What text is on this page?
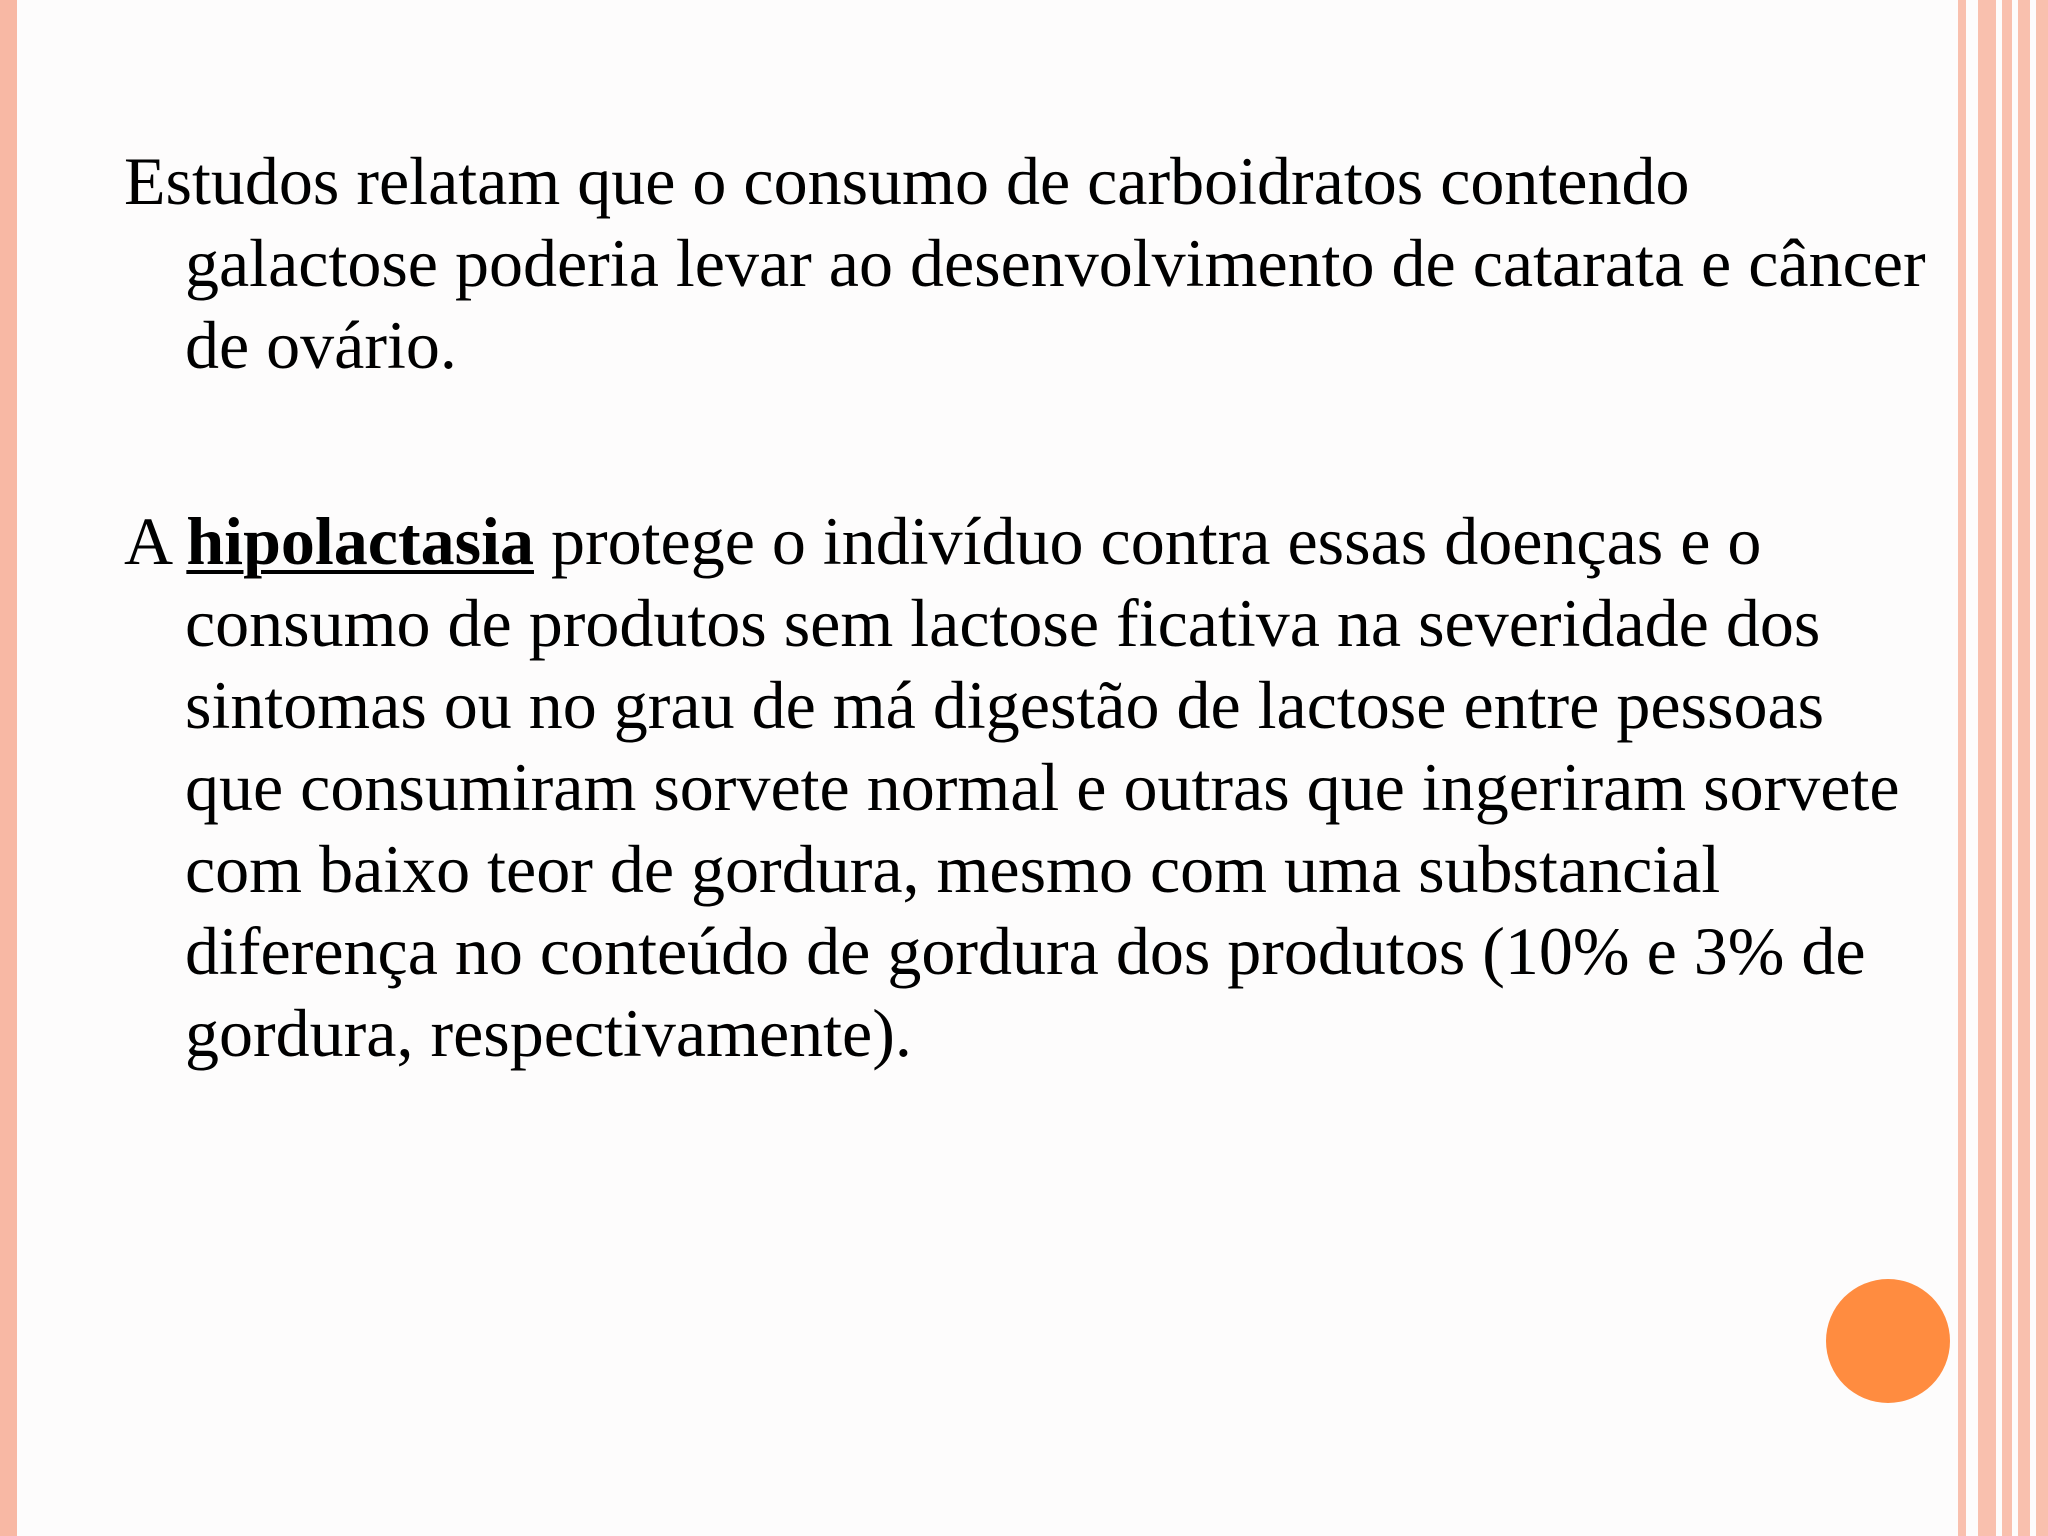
Estudos relatam que o consumo de carboidratos contendo galactose poderia levar ao desenvolvimento de catarata e câncer de ovário.

A hipolactasia protege o indivíduo contra essas doenças e o consumo de produtos sem lactose ficativa na severidade dos sintomas ou no grau de má digestão de lactose entre pessoas que consumiram sorvete normal e outras que ingeriram sorvete com baixo teor de gordura, mesmo com uma substancial diferença no conteúdo de gordura dos produtos (10% e 3% de gordura, respectivamente).
